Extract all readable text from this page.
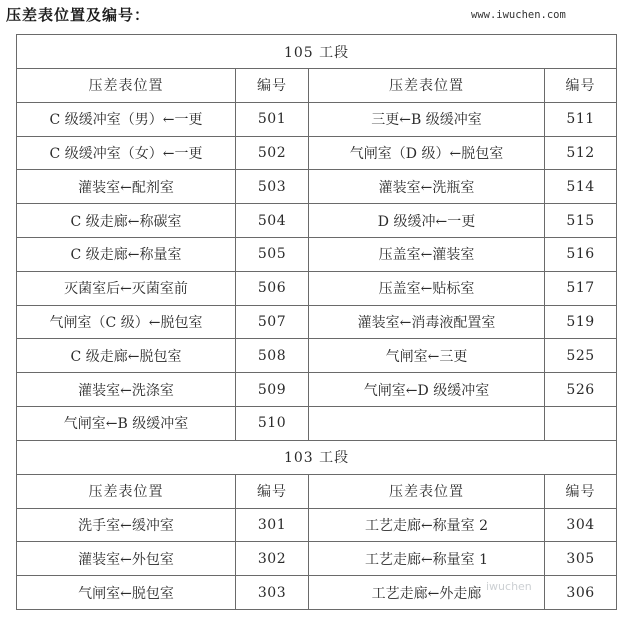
压差表位置及编号：	www.iwuchen.com
105 工段			
压差表位置	编号	压差表位置	编号
C 级缓冲室（男）←一更	501	三更←B 级缓冲室	511
C 级缓冲室（女）←一更	502	气闸室（D 级）←脱包室	512
灌装室←配剂室	503	灌装室←洗瓶室	514
C 级走廊←称碳室	504	D 级缓冲←一更	515
C 级走廊←称量室	505	压盖室←灌装室	516
灭菌室后←灭菌室前	506	压盖室←贴标室	517
气闸室（C 级）←脱包室	507	灌装室←消毒液配置室	519
C 级走廊←脱包室	508	气闸室←三更	525
灌装室←洗涤室	509	气闸室←D 级缓冲室	526
气闸室←B 级缓冲室	510		
103 工段			
压差表位置	编号	压差表位置	编号
洗手室←缓冲室	301	工艺走廊←称量室 2	304
灌装室←外包室	302	工艺走廊←称量室 1	305
气闸室←脱包室	303	工艺走廊←外走廊	306
iwuchen
